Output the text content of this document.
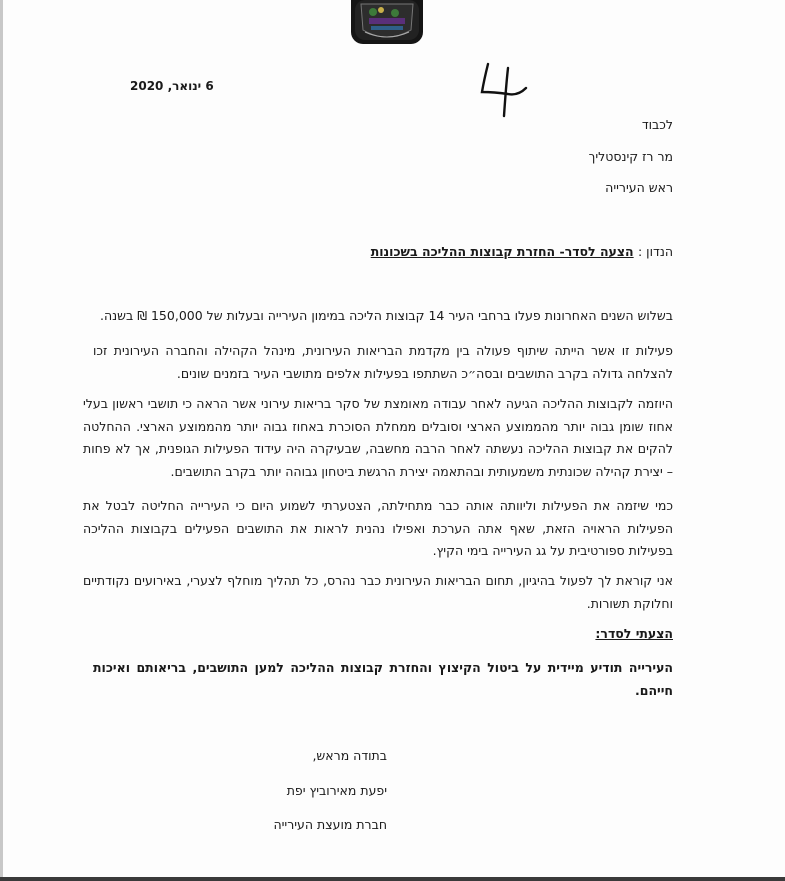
6 ינואר, 2020
לכבוד
מר רז קינסטליך
ראש העירייה
הנדון : הצעה לסדר- החזרת קבוצות ההליכה בשכונות
בשלוש השנים האחרונות פעלו ברחבי העיר 14 קבוצות הליכה במימון העירייה ובעלות של 150,000 ₪ בשנה.
פעילות זו אשר הייתה שיתוף פעולה בין מקדמת הבריאות העירונית, מינהל הקהילה והחברה העירונית זכו להצלחה גדולה בקרב התושבים ובסה״כ השתתפו בפעילות אלפים מתושבי העיר בזמנים שונים.
היוזמה לקבוצות ההליכה הגיעה לאחר עבודה מאומצת של סקר בריאות עירוני אשר הראה כי תושבי ראשון בעלי אחוז שומן גבוה יותר מהממוצע הארצי וסובלים ממחלת הסוכרת באחוז גבוה יותר מהממוצע הארצי. ההחלטה להקים את קבוצות ההליכה נעשתה לאחר הרבה מחשבה, שבעיקרה היה עידוד הפעילות הגופנית, אך לא פחות – יצירת קהילה שכונתית משמעותית ובהתאמה יצירת הרגשת ביטחון גבוהה יותר בקרב התושבים.
כמי שיזמה את הפעילות וליוותה אותה כבר מתחילתה, הצטערתי לשמוע היום כי העירייה החליטה לבטל את הפעילות הראויה הזאת, שאף אתה הערכת ואפילו נהנית לראות את התושבים הפעילים בקבוצות ההליכה בפעילות ספורטיבית על גג העירייה בימי הקיץ.
אני קוראת לך לפעול בהיגיון, תחום הבריאות העירונית כבר נהרס, כל תהליך מוחלף לצערי, באירועים נקודתיים וחלוקת תשורות.
הצעתי לסדר:
העירייה תודיע מיידית על ביטול הקיצוץ והחזרת קבוצות ההליכה למען התושבים, בריאותם ואיכות חייהם.
בתודה מראש,
יפעת מאירוביץ יפת
חברת מועצת העירייה
